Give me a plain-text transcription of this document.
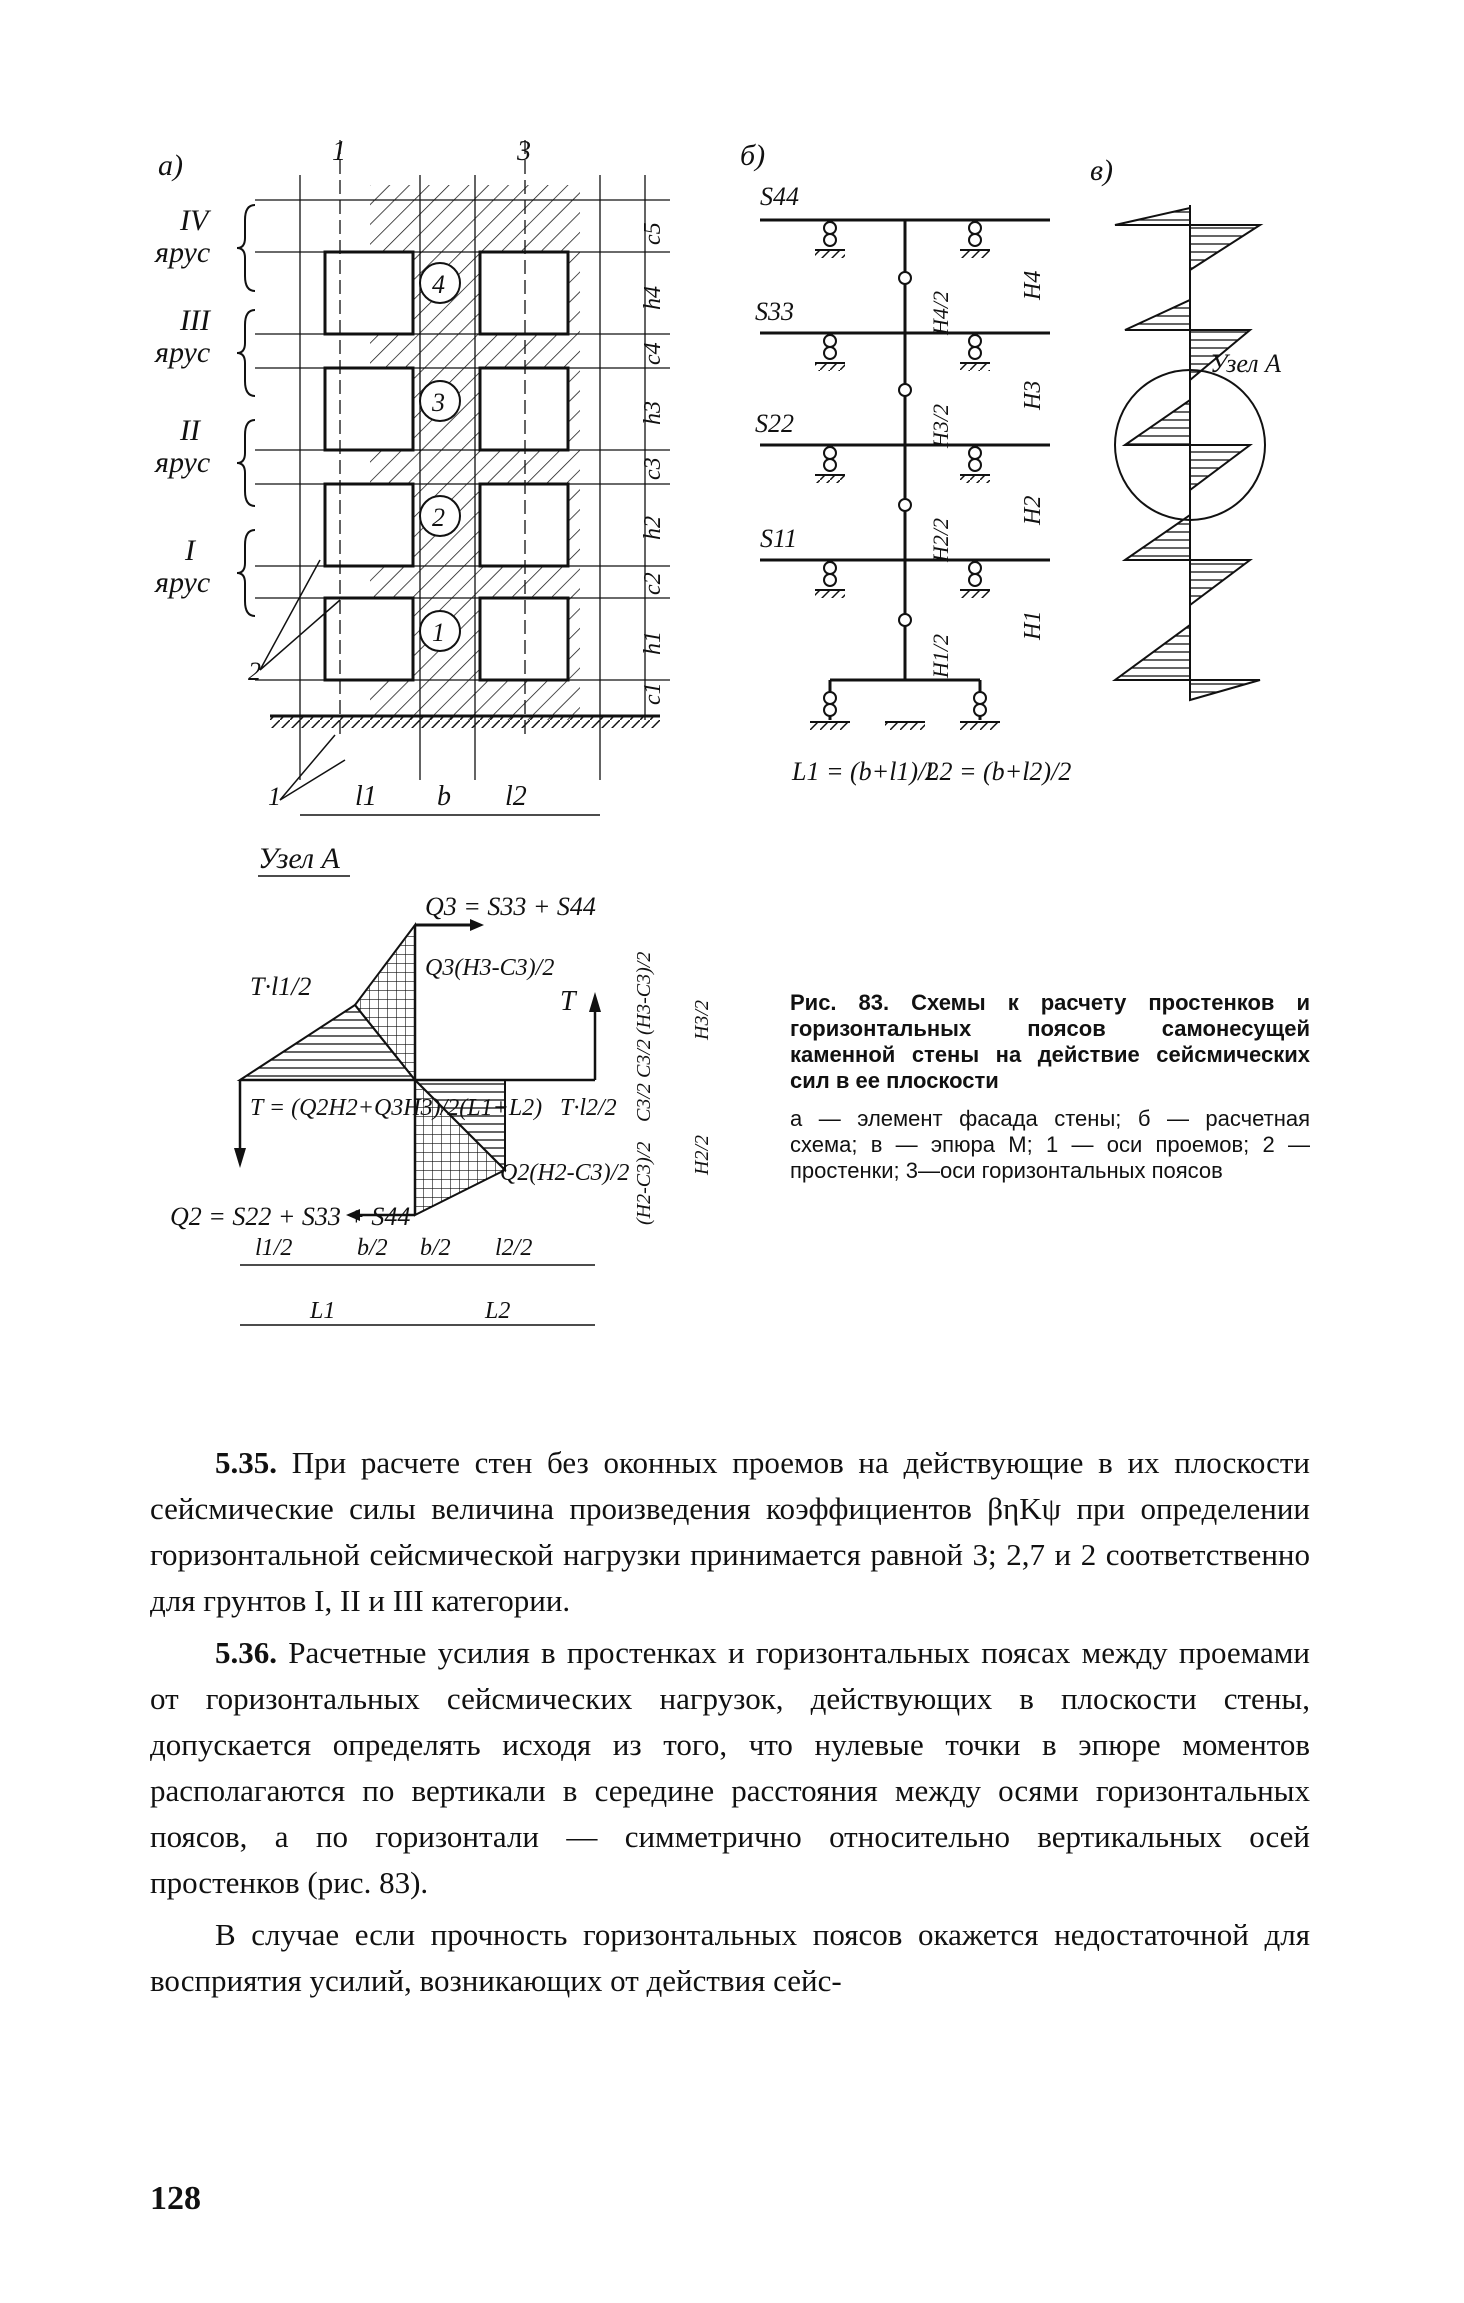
а)	1	3
4
3
2
1
IV
ярус
III
ярус
II
ярус
I
ярус
c5
h4
c4
h3
c3
h2
c2
h1
c1
l1 b l2
2
1
б)
S44
S33
S22
S11
H4/2
H3/2
H2/2
H1/2
H4
H3
H2
H1
L1 = (b+l1)/2
L2 = (b+l2)/2
в)
Узел А
Узел А
Q3 = S33 + S44
Q3(H3-C3)/2
T
T·l1/2
T = (Q2H2+Q3H3)/2(L1+L2) T·l2/2
Q2(H2-C3)/2
Q2 = S22 + S33 + S44
(H3-C3)/2
C3/2
C3/2
(H2-C3)/2
H3/2
H2/2
l1/2	b/2 b/2 l2/2
L1	L2
Рис. 83. Схемы к расчету простенков и горизонтальных поясов самонесущей каменной стены на действие сейсмических сил в ее плоскости
а — элемент фасада стены; б — расчетная схема; в — эпюра М; 1 — оси проемов; 2 — простенки; 3—оси горизонтальных поясов

5.35. При расчете стен без оконных проемов на действующие в их плоскости сейсмические силы величина произведения коэффициентов βηKψ при определении горизонтальной сейсмической нагрузки принимается равной 3; 2,7 и 2 соответственно для грунтов I, II и III категории.

5.36. Расчетные усилия в простенках и горизонтальных поясах между проемами от горизонтальных сейсмических нагрузок, действующих в плоскости стены, допускается определять исходя из того, что нулевые точки в эпюре моментов располагаются по вертикали в середине расстояния между осями горизонтальных поясов, а по горизонтали — симметрично относительно вертикальных осей простенков (рис. 83).

В случае если прочность горизонтальных поясов окажется недостаточной для восприятия усилий, возникающих от действия сейс-

128
